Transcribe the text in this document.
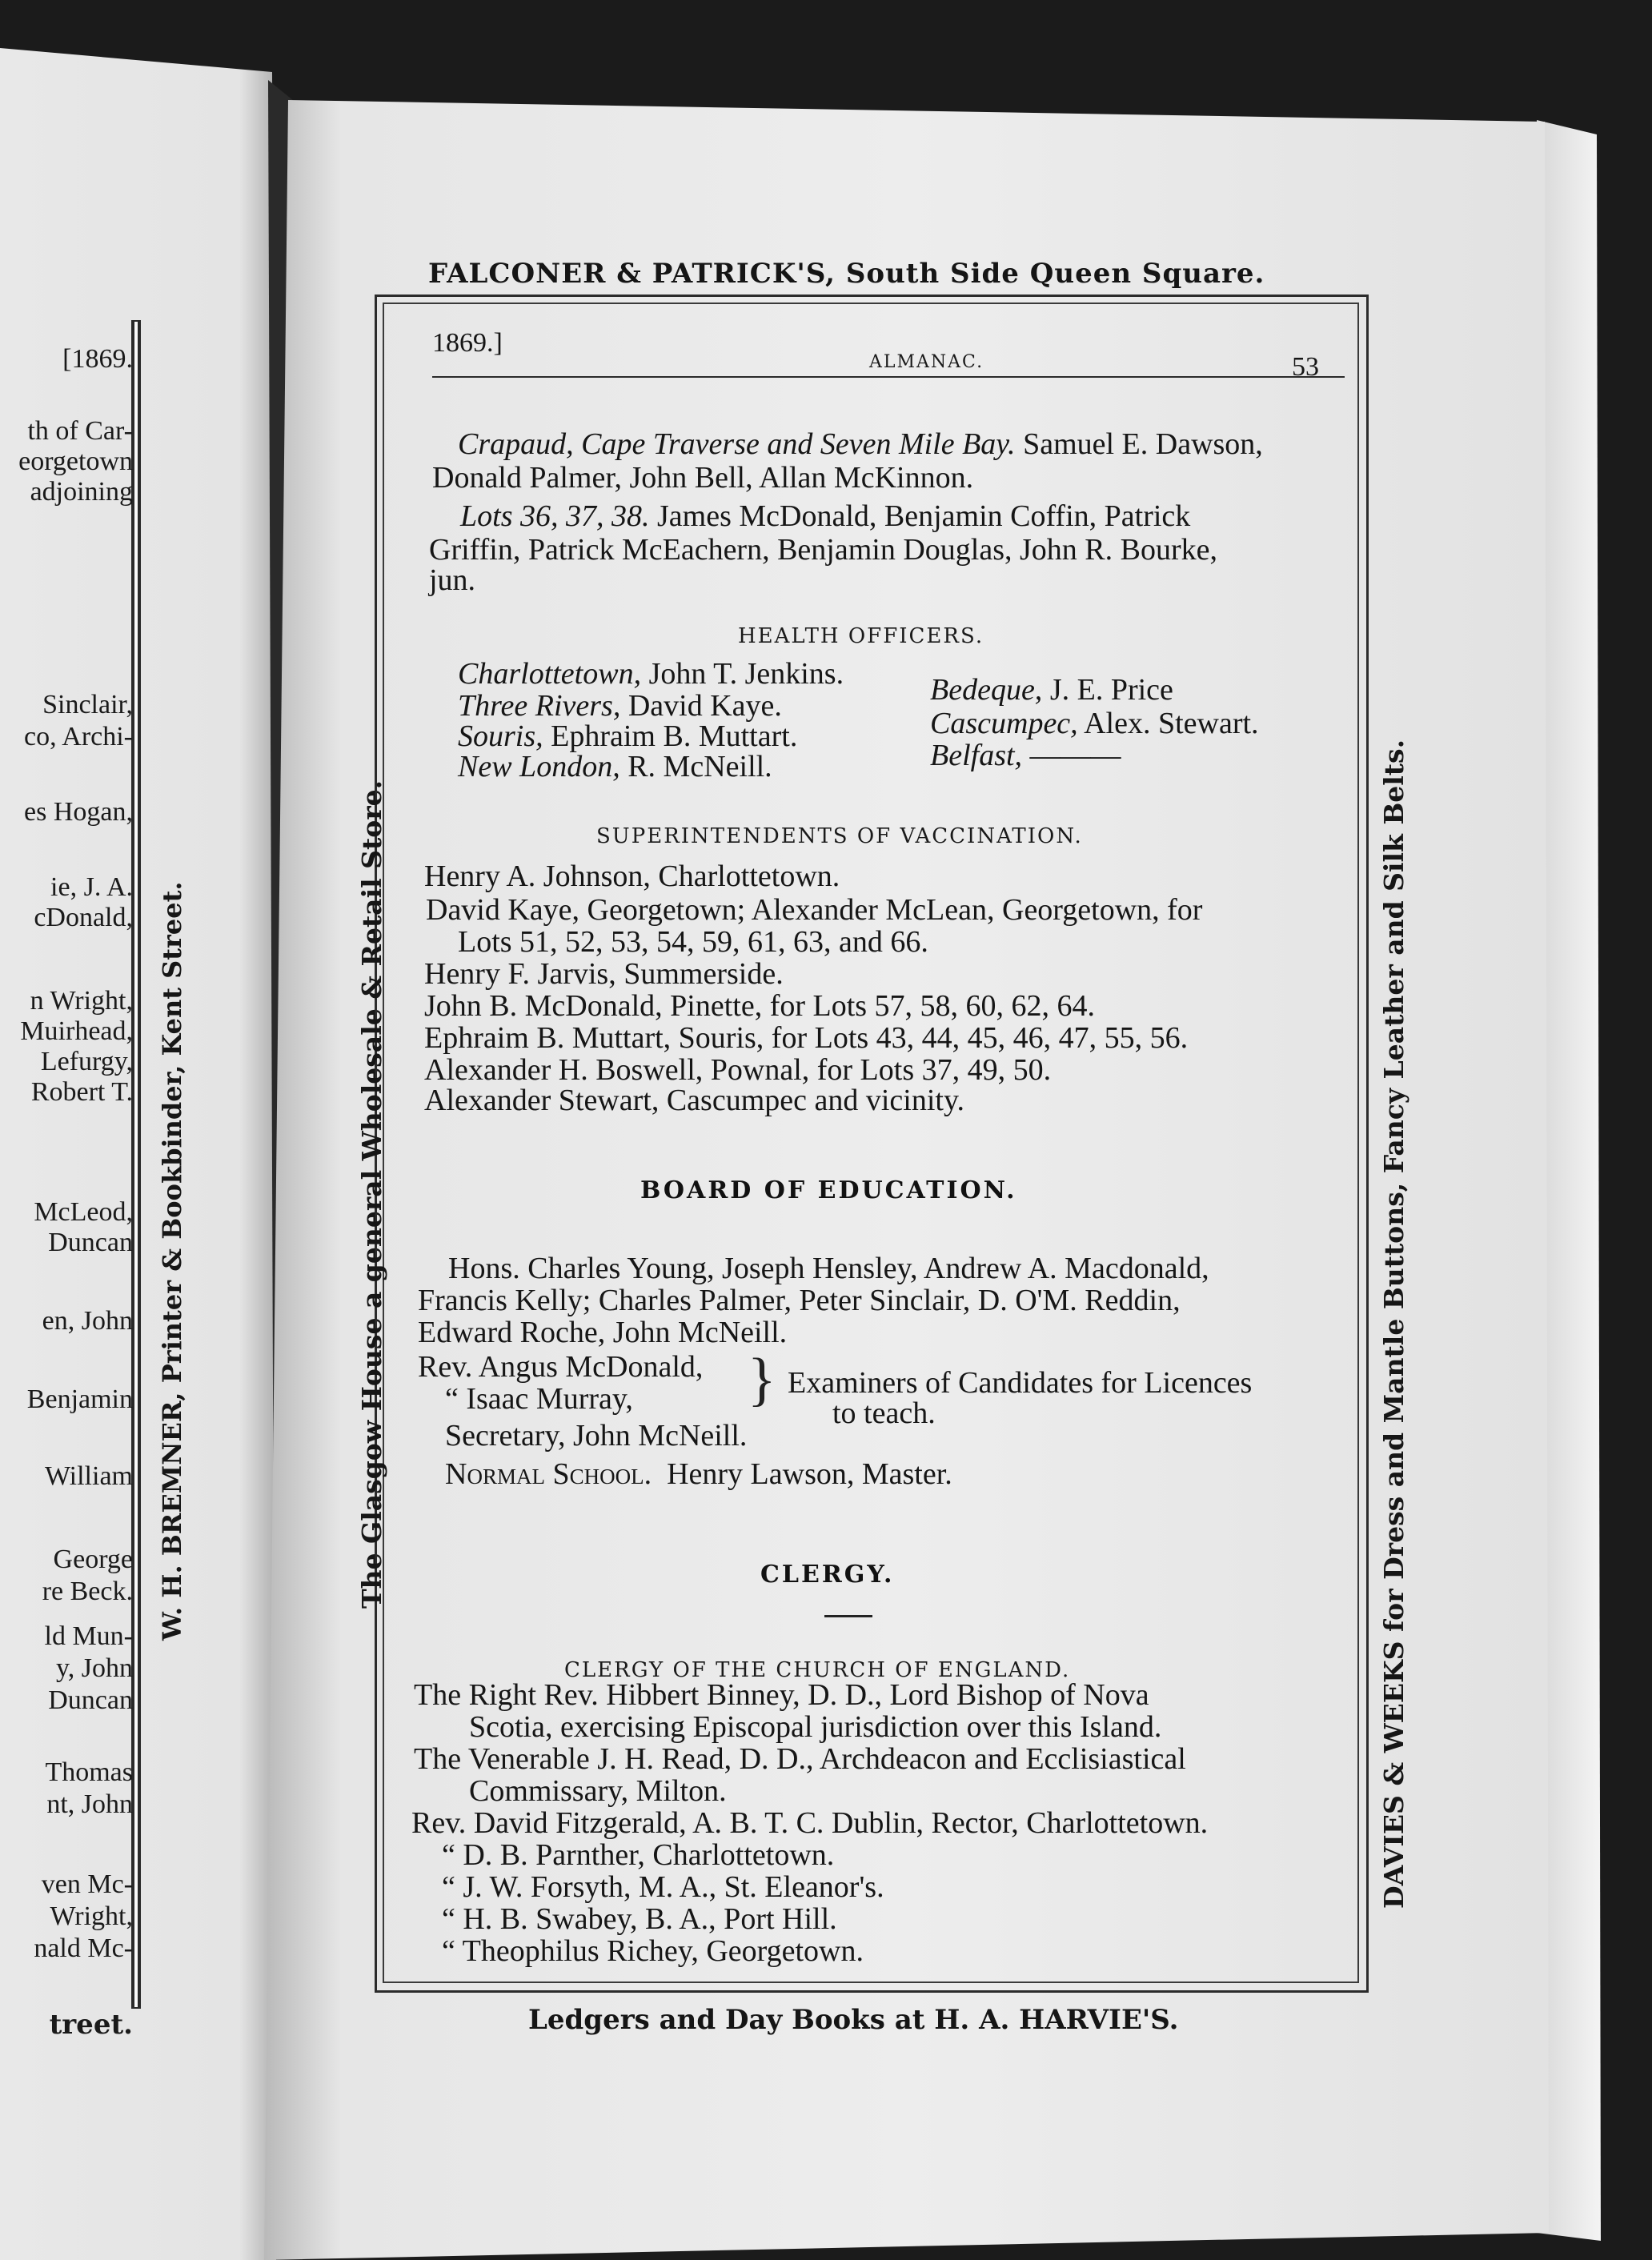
[1869.
th of Car-
eorgetown
adjoining
Sinclair,
co, Archi-
es Hogan,
ie, J. A.
cDonald,
n Wright,
Muirhead,
Lefurgy,
Robert T.
McLeod,
Duncan
en, John
Benjamin
William
George
re Beck.
ld Mun-
y, John
Duncan
Thomas
nt, John
ven Mc-
Wright,
nald Mc-
treet.
W. H. BREMNER, Printer & Bookbinder, Kent Street.
FALCONER & PATRICK'S, South Side Queen Square.
The Glasgow House a general Wholesale & Retail Store.	DAVIES & WEEKS for Dress and Mantle Buttons, Fancy Leather and Silk Belts.
1869.]
ALMANAC.	53
Crapaud, Cape Traverse and Seven Mile Bay. Samuel E. Dawson,
Donald Palmer, John Bell, Allan McKinnon.
Lots 36, 37, 38. James McDonald, Benjamin Coffin, Patrick
Griffin, Patrick McEachern, Benjamin Douglas, John R. Bourke,
jun.
HEALTH OFFICERS.
Charlottetown, John T. Jenkins.
Three Rivers, David Kaye.
Souris, Ephraim B. Muttart.
New London, R. McNeill.
Bedeque, J. E. Price
Cascumpec, Alex. Stewart.
Belfast, ———
SUPERINTENDENTS OF VACCINATION.
Henry A. Johnson, Charlottetown.
David Kaye, Georgetown; Alexander McLean, Georgetown, for
Lots 51, 52, 53, 54, 59, 61, 63, and 66.
Henry F. Jarvis, Summerside.
John B. McDonald, Pinette, for Lots 57, 58, 60, 62, 64.
Ephraim B. Muttart, Souris, for Lots 43, 44, 45, 46, 47, 55, 56.
Alexander H. Boswell, Pownal, for Lots 37, 49, 50.
Alexander Stewart, Cascumpec and vicinity.
BOARD OF EDUCATION.
Hons. Charles Young, Joseph Hensley, Andrew A. Macdonald,
Francis Kelly; Charles Palmer, Peter Sinclair, D. O'M. Reddin,
Edward Roche, John McNeill.
Rev. Angus McDonald,
“ Isaac Murray,	} Examiners of Candidates for Licences
to teach.
Secretary, John McNeill.
Normal School. Henry Lawson, Master.
CLERGY.
CLERGY OF THE CHURCH OF ENGLAND.
The Right Rev. Hibbert Binney, D. D., Lord Bishop of Nova
Scotia, exercising Episcopal jurisdiction over this Island.
The Venerable J. H. Read, D. D., Archdeacon and Ecclisiastical
Commissary, Milton.
Rev. David Fitzgerald, A. B. T. C. Dublin, Rector, Charlottetown.
“ D. B. Parnther, Charlottetown.
“ J. W. Forsyth, M. A., St. Eleanor's.
“ H. B. Swabey, B. A., Port Hill.
“ Theophilus Richey, Georgetown.
Ledgers and Day Books at H. A. HARVIE'S.
